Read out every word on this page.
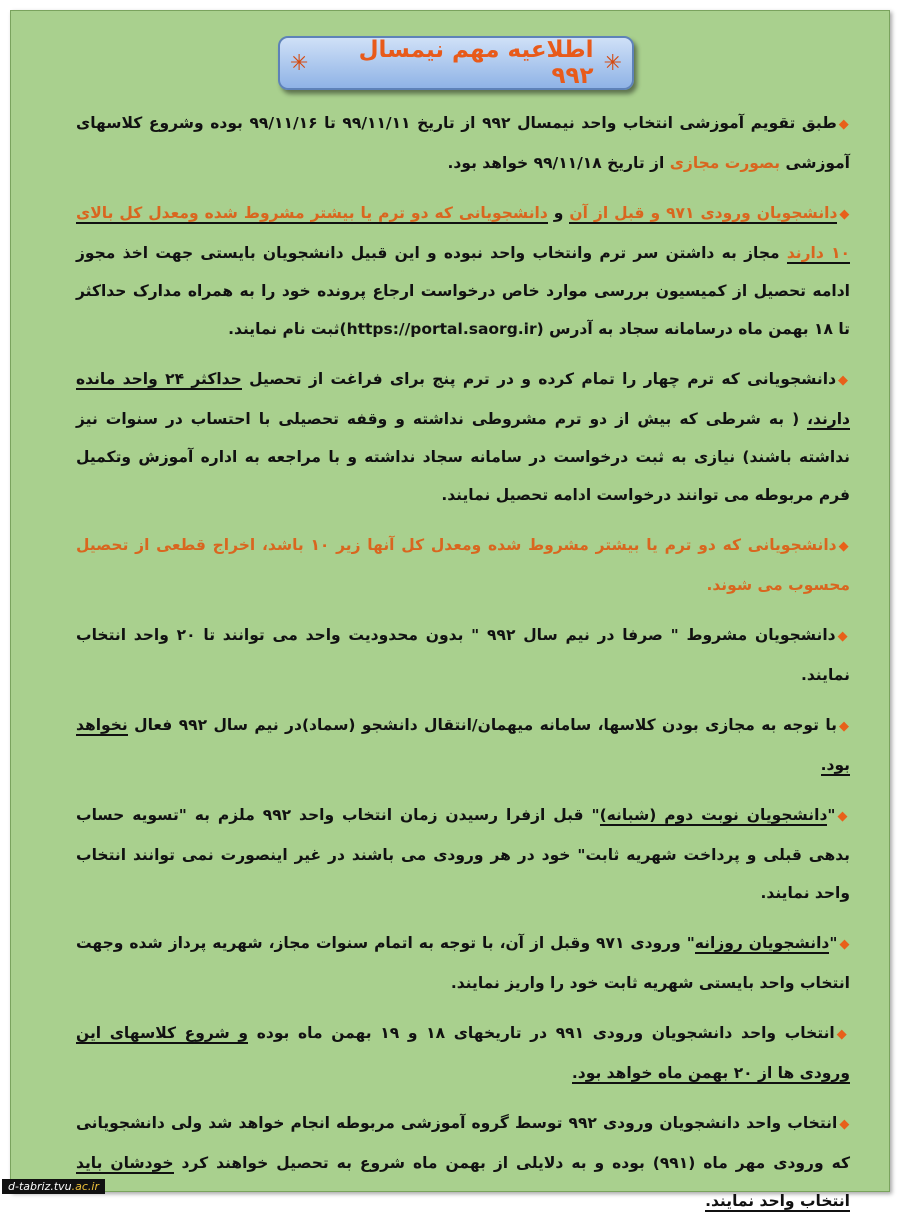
✳
اطلاعیه مهم نیمسال ۹۹۲
✳

◆طبق تقویم آموزشی انتخاب واحد نیمسال ۹۹۲ از تاریخ ۹۹/۱۱/۱۱ تا ۹۹/۱۱/۱۶ بوده وشروع کلاسهای آموزشی بصورت مجازی از تاریخ ۹۹/۱۱/۱۸ خواهد بود.

◆دانشجویان ورودی ۹۷۱ و قبل از آن و دانشجویانی که دو ترم یا بیشتر مشروط شده ومعدل کل بالای ۱۰ دارند مجاز به داشتن سر ترم وانتخاب واحد نبوده و این قبیل دانشجویان بایستی جهت اخذ مجوز ادامه تحصیل از کمیسیون بررسی موارد خاص درخواست ارجاع پرونده خود را به همراه مدارک حداکثر تا ۱۸ بهمن ماه درسامانه سجاد به آدرس (https://portal.saorg.ir)ثبت نام نمایند.

◆دانشجویانی که ترم چهار را تمام کرده و در ترم پنج برای فراغت از تحصیل حداکثر ۲۴ واحد مانده دارند، ( به شرطی که بیش از دو ترم مشروطی نداشته و وقفه تحصیلی با احتساب در سنوات نیز نداشته باشند) نیازی به ثبت درخواست در سامانه سجاد نداشته و با مراجعه به اداره آموزش وتکمیل فرم مربوطه می توانند درخواست ادامه تحصیل نمایند.

◆دانشجویانی که دو ترم یا بیشتر مشروط شده ومعدل کل آنها زیر ۱۰ باشد، اخراج قطعی از تحصیل محسوب می شوند.

◆دانشجویان مشروط " صرفا در نیم سال ۹۹۲ " بدون محدودیت واحد می توانند تا ۲۰ واحد انتخاب نمایند.

◆با توجه به مجازی بودن کلاسها، سامانه میهمان/انتقال دانشجو (سماد)در نیم سال ۹۹۲ فعال نخواهد بود.

◆"دانشجویان نوبت دوم (شبانه)" قبل ازفرا رسیدن زمان انتخاب واحد ۹۹۲ ملزم به "تسویه حساب بدهی قبلی و پرداخت شهریه ثابت" خود در هر ورودی می باشند در غیر اینصورت نمی توانند انتخاب واحد نمایند.

◆"دانشجویان روزانه" ورودی ۹۷۱ وقبل از آن، با توجه به اتمام سنوات مجاز، شهریه پرداز شده وجهت انتخاب واحد بایستی شهریه ثابت خود را واریز نمایند.

◆انتخاب واحد دانشجویان ورودی ۹۹۱ در تاریخهای ۱۸ و ۱۹ بهمن ماه بوده و شروع کلاسهای این ورودی ها از ۲۰ بهمن ماه خواهد بود.

◆انتخاب واحد دانشجویان ورودی ۹۹۲ توسط گروه آموزشی مربوطه انجام خواهد شد ولی دانشجویانی که ورودی مهر ماه (۹۹۱) بوده و به دلایلی از بهمن ماه شروع به تحصیل خواهند کرد خودشان باید انتخاب واحد نمایند.

d-tabriz.tvu.ac.ir
